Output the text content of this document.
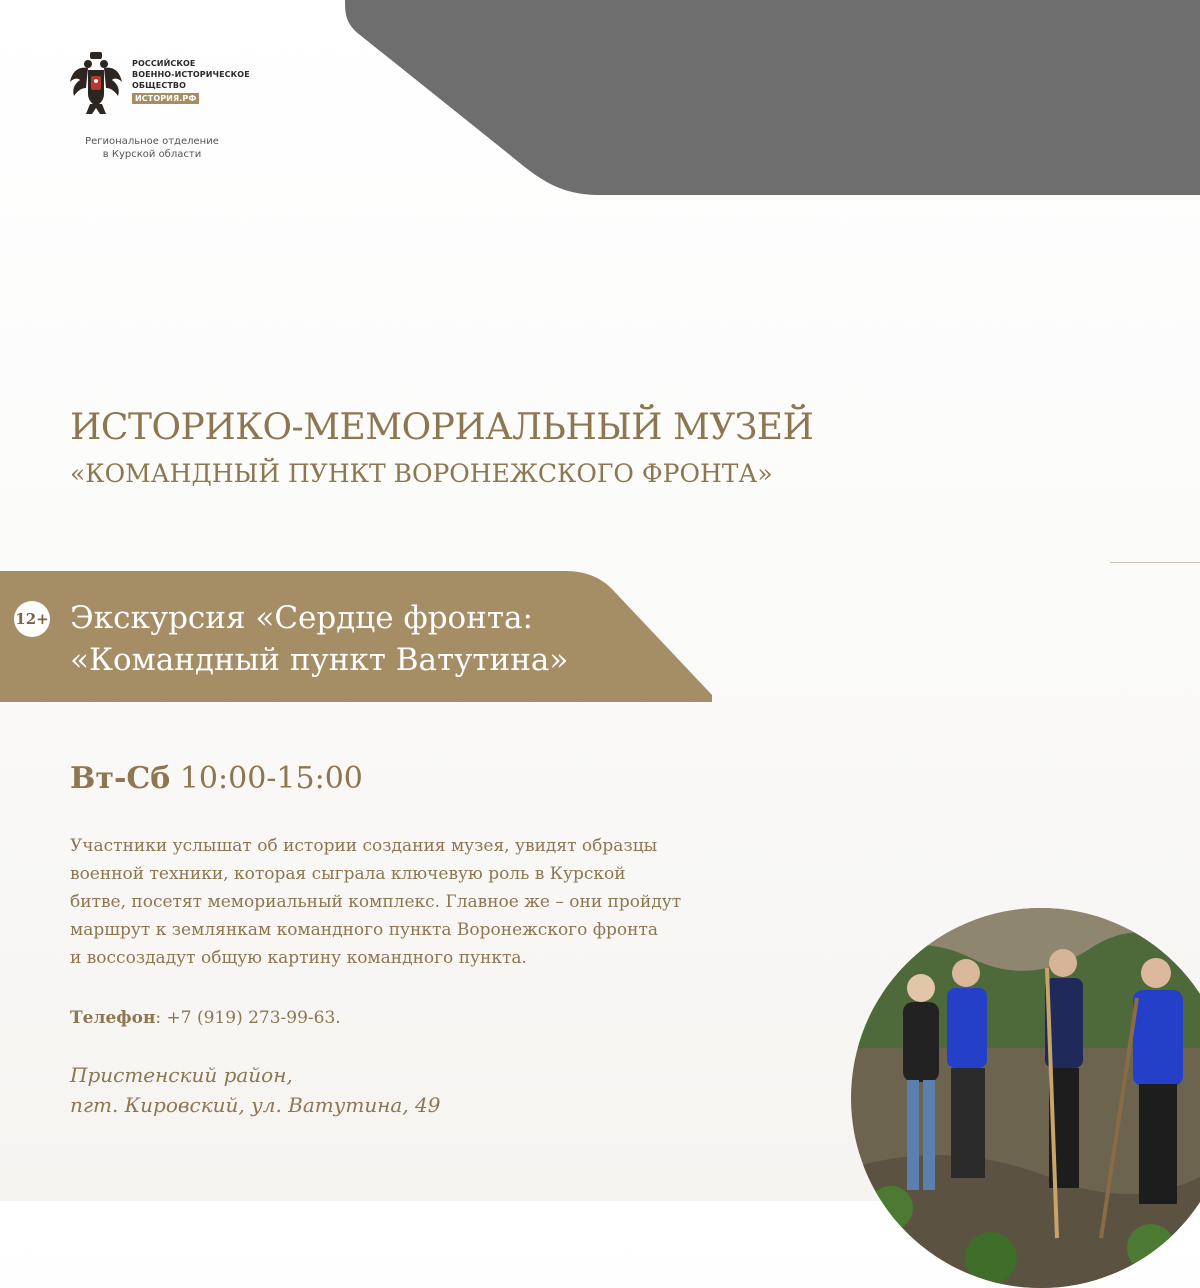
РОССИЙСКОЕ
ВОЕННО-ИСТОРИЧЕСКОЕ
ОБЩЕСТВО
ИСТОРИЯ.РФ
Региональное отделение
в Курской области
ИСТОРИКО-МЕМОРИАЛЬНЫЙ МУЗЕЙ
«КОМАНДНЫЙ ПУНКТ ВОРОНЕЖСКОГО ФРОНТА»
12+ Экскурсия «Сердце фронта:
«Командный пункт Ватутина»
Вт-Сб 10:00-15:00
Участники услышат об истории создания музея, увидят образцы
военной техники, которая сыграла ключевую роль в Курской
битве, посетят мемориальный комплекс. Главное же – они пройдут
маршрут к землянкам командного пункта Воронежского фронта
и воссоздадут общую картину командного пункта.
Телефон: +7 (919) 273-99-63.
Пристенский район,
пгт. Кировский, ул. Ватутина, 49
